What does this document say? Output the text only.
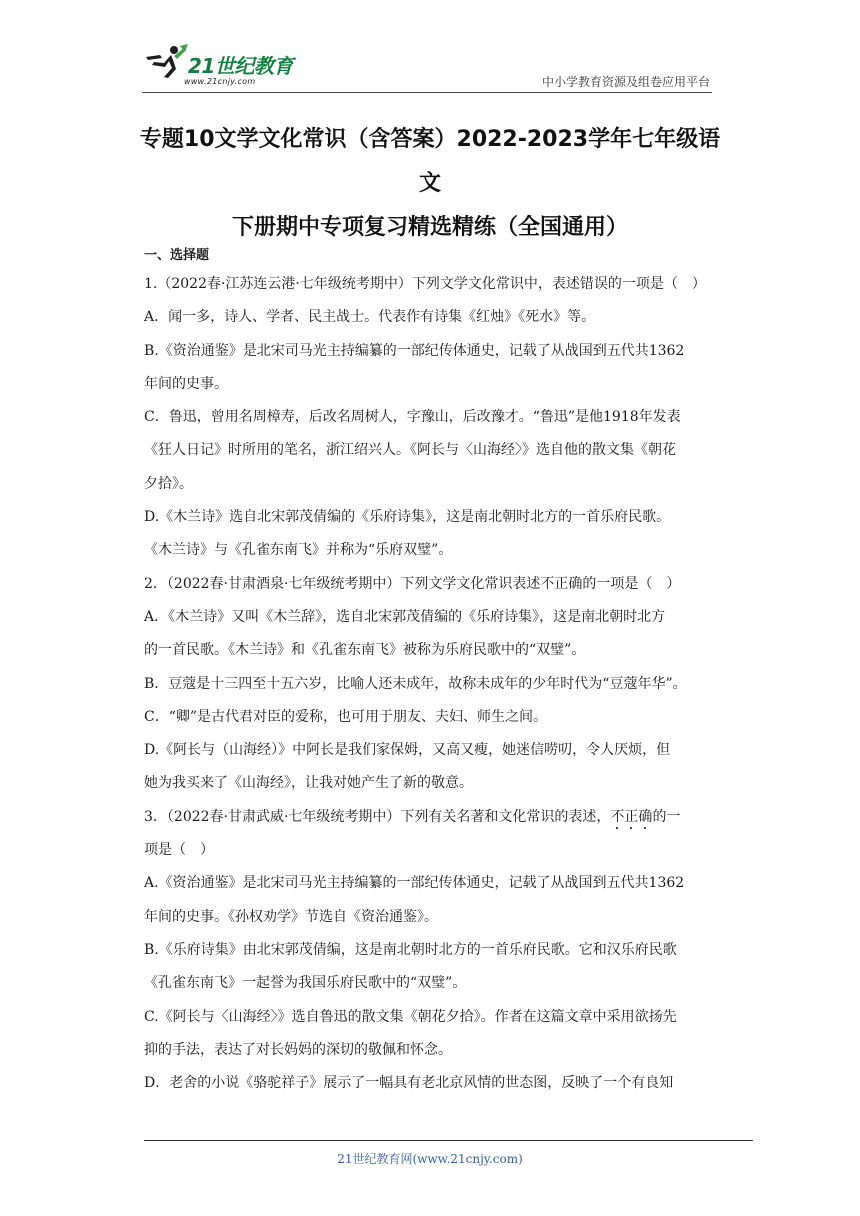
21世纪教育
www.21cnjy.com	中小学教育资源及组卷应用平台
专题10文学文化常识（含答案）2022-2023学年七年级语文
下册期中专项复习精选精练（全国通用）
一、选择题
1.（2022春·江苏连云港·七年级统考期中）下列文学文化常识中，表述错误的一项是（　）
A．闻一多，诗人、学者、民主战士。代表作有诗集《红烛》《死水》等。
B.《资治通鉴》是北宋司马光主持编纂的一部纪传体通史，记载了从战国到五代共1362
年间的史事。
C．鲁迅，曾用名周樟寿，后改名周树人，字豫山，后改豫才。“鲁迅”是他1918年发表
《狂人日记》时所用的笔名，浙江绍兴人。《阿长与〈山海经〉》选自他的散文集《朝花
夕拾》。
D.《木兰诗》选自北宋郭茂倩编的《乐府诗集》，这是南北朝时北方的一首乐府民歌。
《木兰诗》与《孔雀东南飞》并称为“乐府双璧”。
2．（2022春·甘肃酒泉·七年级统考期中）下列文学文化常识表述不正确的一项是（　）
A．《木兰诗》又叫《木兰辞》，选自北宋郭茂倩编的《乐府诗集》，这是南北朝时北方
的一首民歌。《木兰诗》和《孔雀东南飞》被称为乐府民歌中的“双璧”。
B．豆蔻是十三四至十五六岁，比喻人还未成年，故称未成年的少年时代为“豆蔻年华”。
C．“卿”是古代君对臣的爱称，也可用于朋友、夫妇、师生之间。
D.《阿长与（山海经）》中阿长是我们家保姆，又高又瘦，她迷信唠叨，令人厌烦，但
她为我买来了《山海经》，让我对她产生了新的敬意。
3．（2022春·甘肃武威·七年级统考期中）下列有关名著和文化常识的表述，不正确的一
项是（　）
A.《资治通鉴》是北宋司马光主持编纂的一部纪传体通史，记载了从战国到五代共1362
年间的史事。《孙权劝学》节选自《资治通鉴》。
B.《乐府诗集》由北宋郭茂倩编，这是南北朝时北方的一首乐府民歌。它和汉乐府民歌
《孔雀东南飞》一起誉为我国乐府民歌中的“双璧”。
C.《阿长与〈山海经〉》选自鲁迅的散文集《朝花夕拾》。作者在这篇文章中采用欲扬先
抑的手法，表达了对长妈妈的深切的敬佩和怀念。
D．老舍的小说《骆驼祥子》展示了一幅具有老北京风情的世态图，反映了一个有良知
21世纪教育网(www.21cnjy.com)
